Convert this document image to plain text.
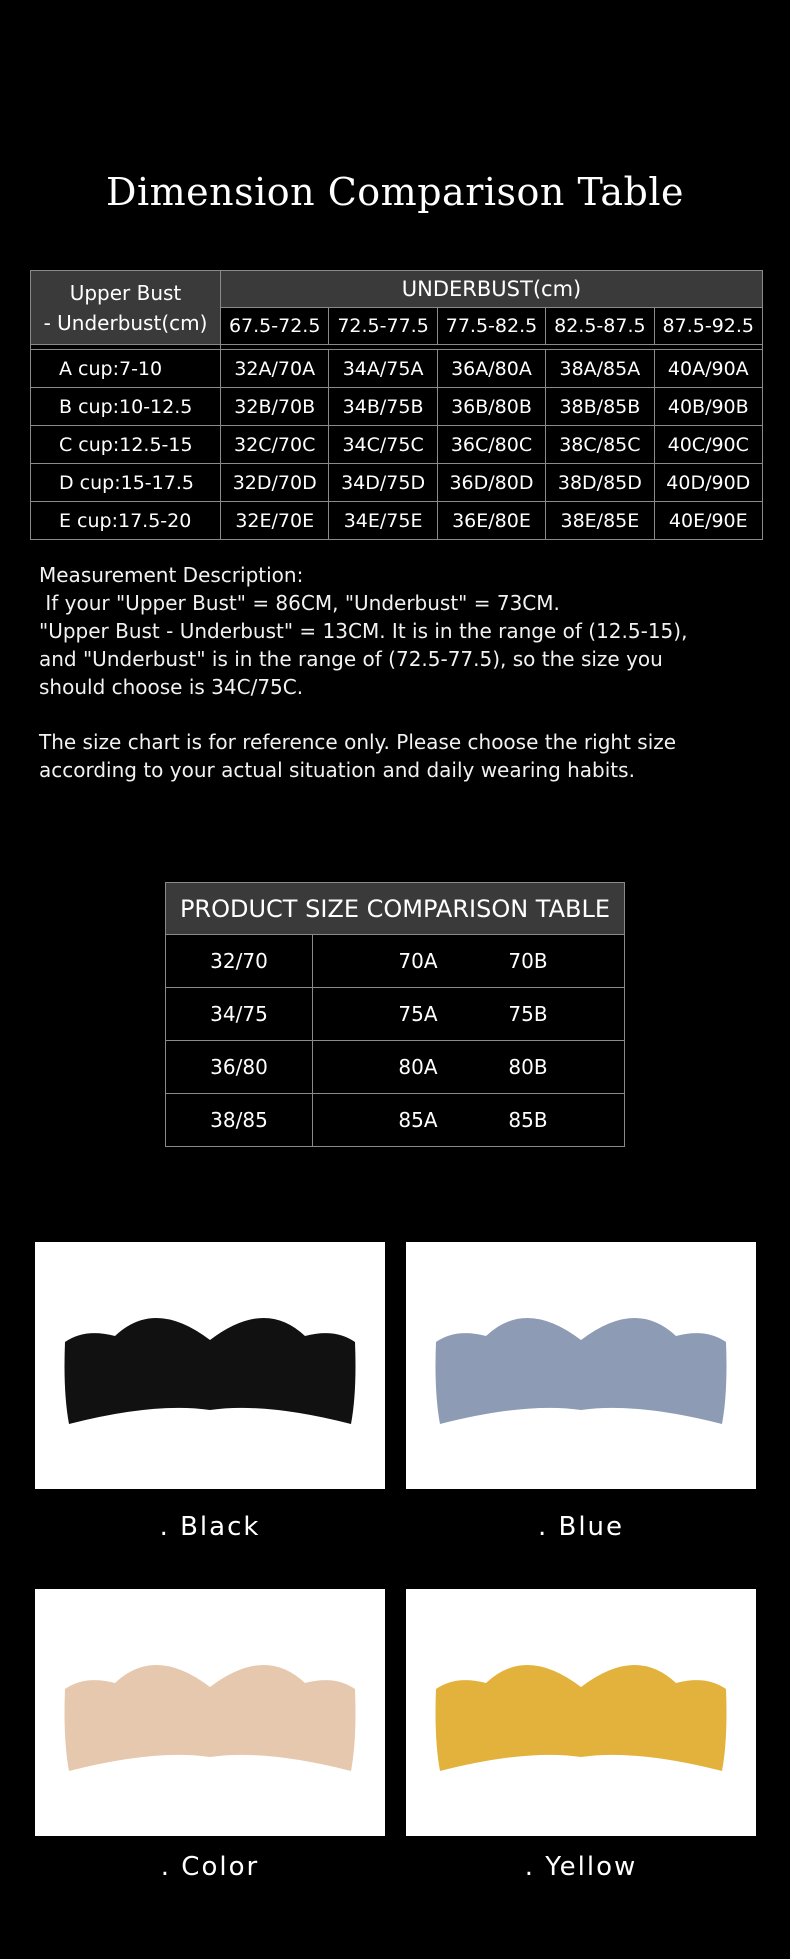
Dimension Comparison Table
Upper Bust
- Underbust(cm)	UNDERBUST(cm)				
	67.5-72.5	72.5-77.5	77.5-82.5	82.5-87.5	87.5-92.5

A cup:7-10	32A/70A	34A/75A	36A/80A	38A/85A	40A/90A
B cup:10-12.5	32B/70B	34B/75B	36B/80B	38B/85B	40B/90B
C cup:12.5-15	32C/70C	34C/75C	36C/80C	38C/85C	40C/90C
D cup:15-17.5	32D/70D	34D/75D	36D/80D	38D/85D	40D/90D
E cup:17.5-20	32E/70E	34E/75E	36E/80E	38E/85E	40E/90E

Measurement Description:

If your "Upper Bust" = 86CM, "Underbust" = 73CM.

"Upper Bust - Underbust" = 13CM. It is in the range of (12.5-15),

and "Underbust" is in the range of (72.5-77.5), so the size you

should choose is 34C/75C.

The size chart is for reference only. Please choose the right size

according to your actual situation and daily wearing habits.

PRODUCT SIZE COMPARISON TABLE	
32/70	70A 70B

34/75	75A 75B

36/80	80A 80B

38/85	85A 85B
. Black	. Blue
. Color	. Yellow
